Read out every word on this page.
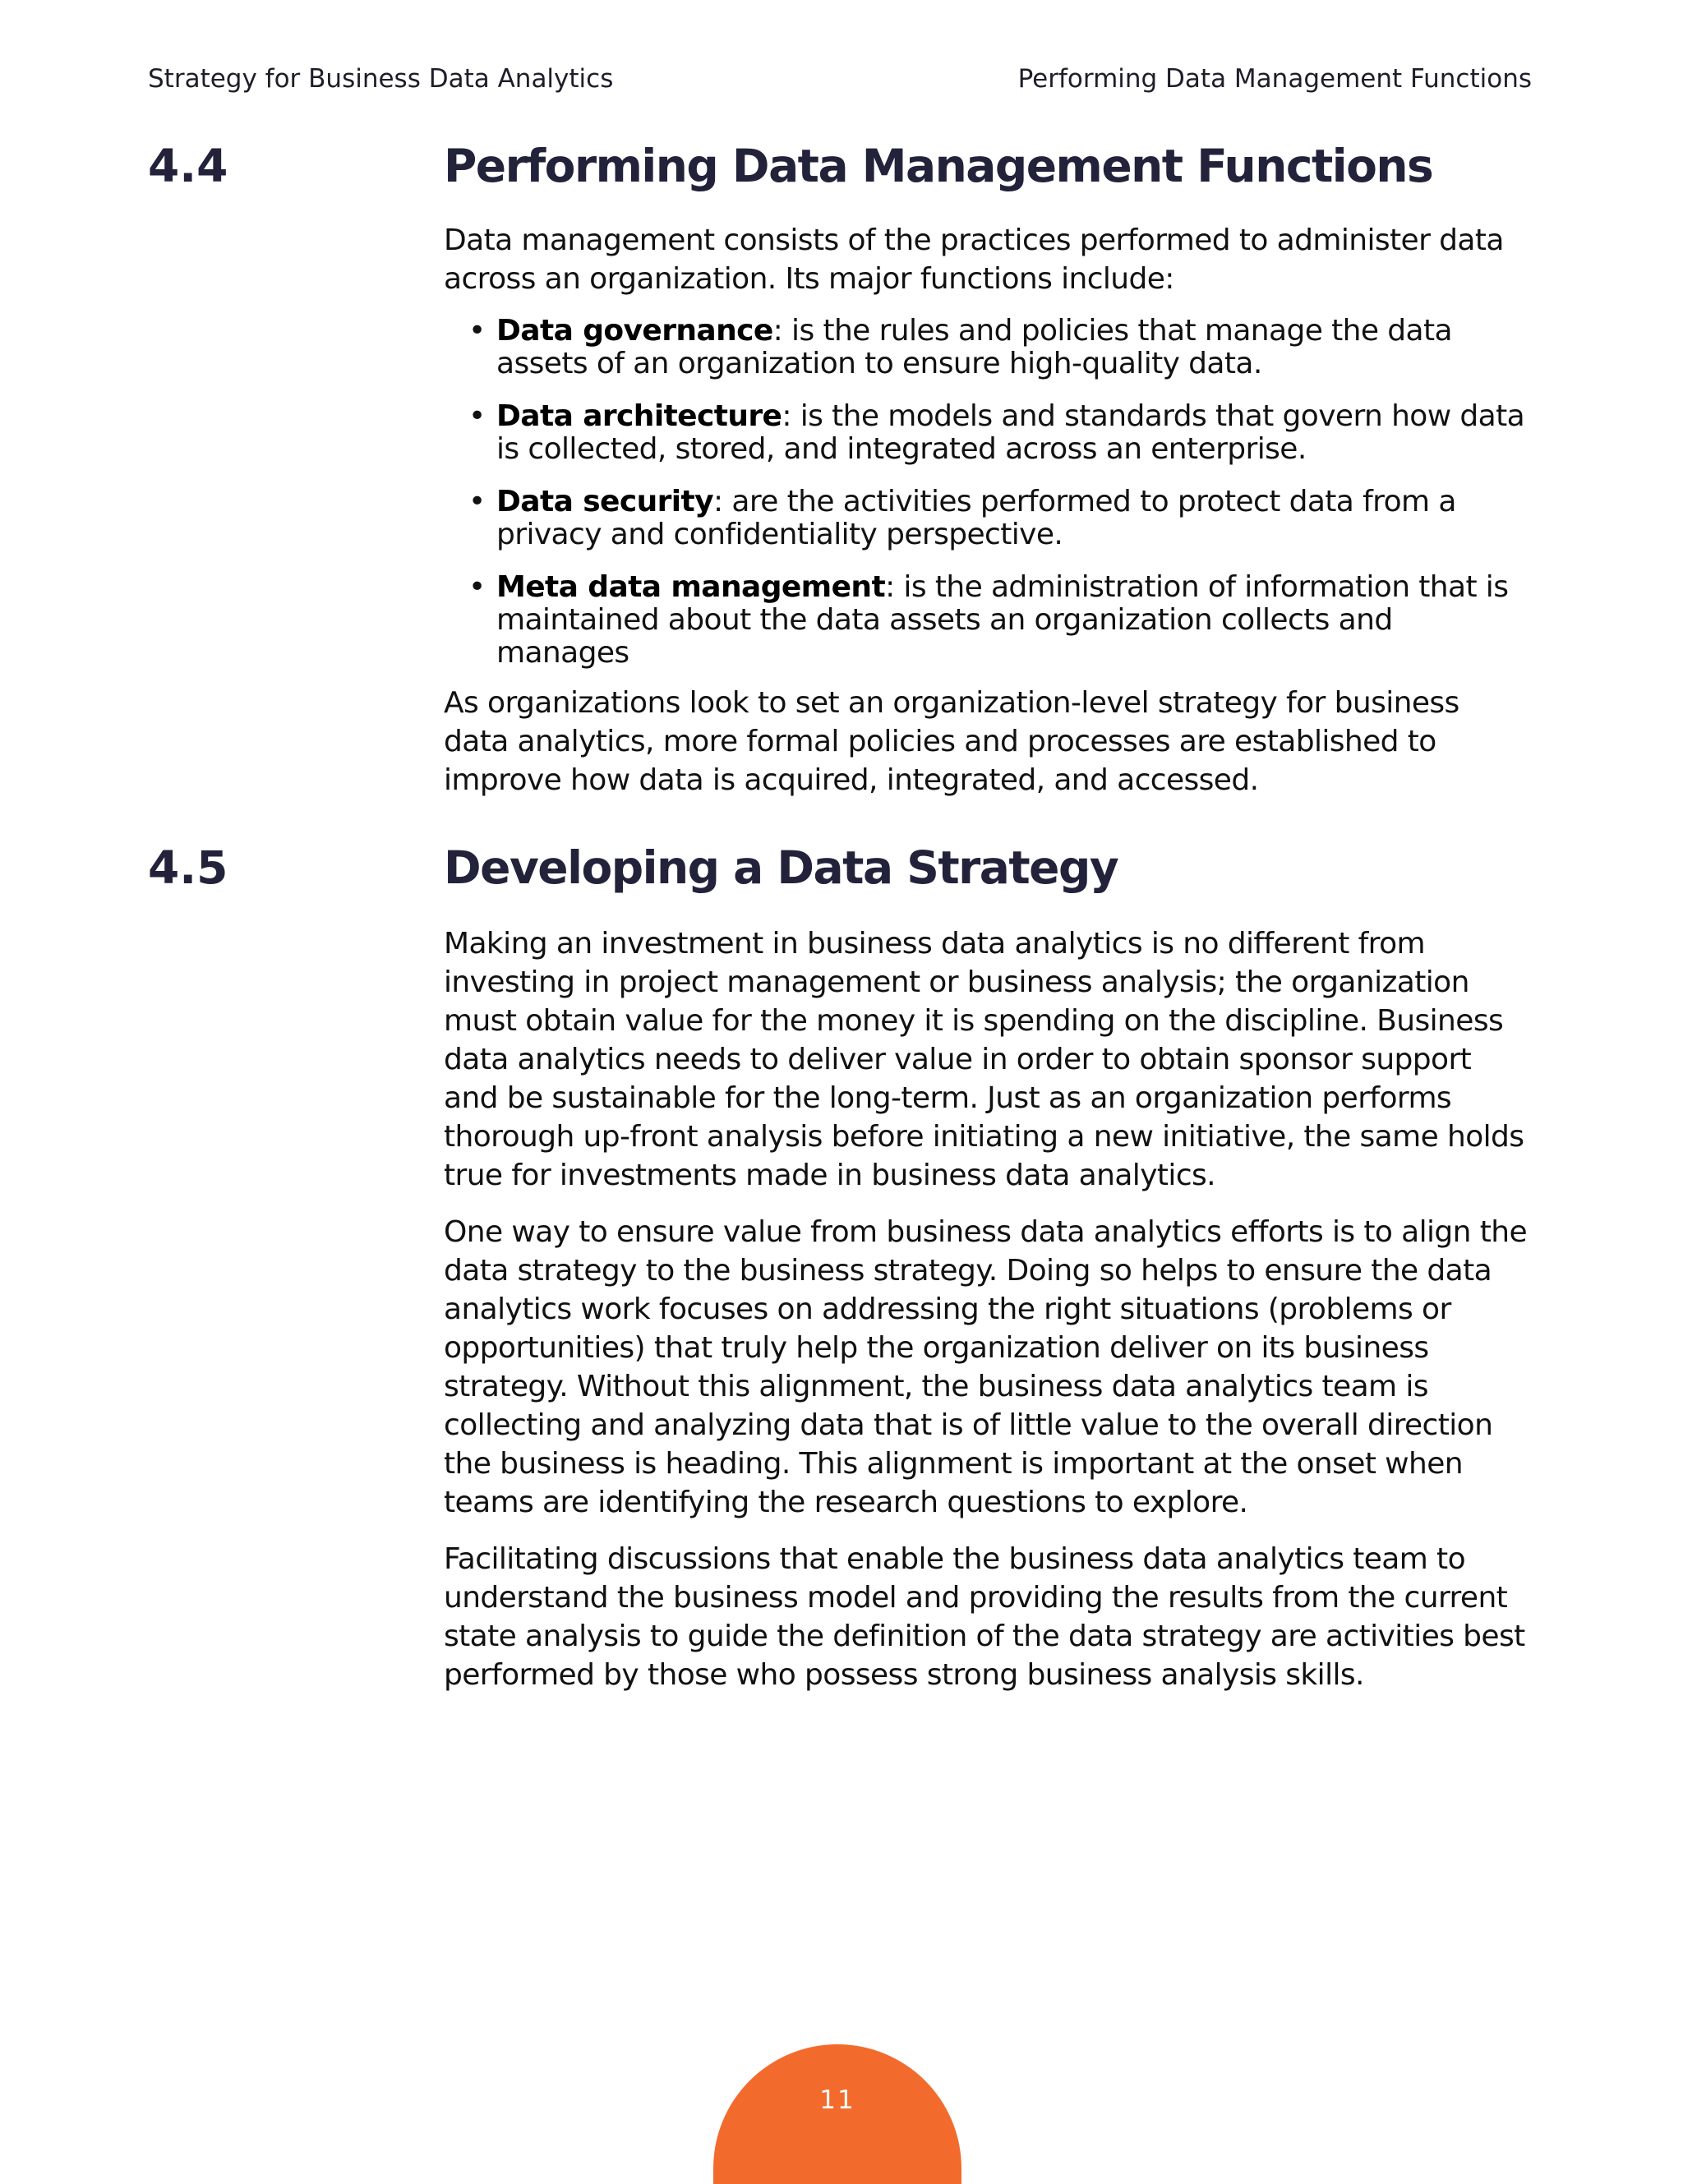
Strategy for Business Data Analytics	Performing Data Management Functions
4.4	Performing Data Management Functions

Data management consists of the practices performed to administer data across an organization. Its major functions include:

• Data governance: is the rules and policies that manage the data assets of an organization to ensure high-quality data.
• Data architecture: is the models and standards that govern how data is collected, stored, and integrated across an enterprise.
• Data security: are the activities performed to protect data from a privacy and confidentiality perspective.
• Meta data management: is the administration of information that is maintained about the data assets an organization collects and manages

As organizations look to set an organization-level strategy for business data analytics, more formal policies and processes are established to improve how data is acquired, integrated, and accessed.

4.5	Developing a Data Strategy

Making an investment in business data analytics is no different from investing in project management or business analysis; the organization must obtain value for the money it is spending on the discipline. Business data analytics needs to deliver value in order to obtain sponsor support and be sustainable for the long-term. Just as an organization performs thorough up-front analysis before initiating a new initiative, the same holds true for investments made in business data analytics.

One way to ensure value from business data analytics efforts is to align the data strategy to the business strategy. Doing so helps to ensure the data analytics work focuses on addressing the right situations (problems or opportunities) that truly help the organization deliver on its business strategy. Without this alignment, the business data analytics team is collecting and analyzing data that is of little value to the overall direction the business is heading. This alignment is important at the onset when teams are identifying the research questions to explore.

Facilitating discussions that enable the business data analytics team to understand the business model and providing the results from the current state analysis to guide the definition of the data strategy are activities best performed by those who possess strong business analysis skills.

11
